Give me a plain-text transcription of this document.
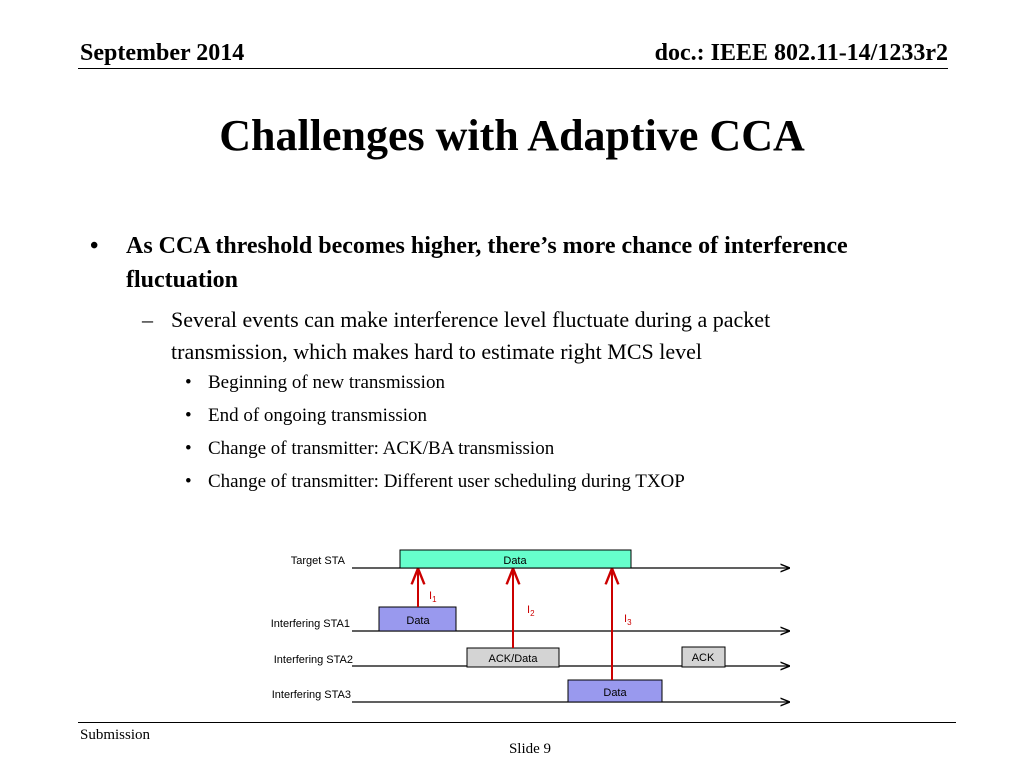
September 2014	doc.: IEEE 802.11-14/1233r2
Challenges with Adaptive CCA
• As CCA threshold becomes higher, there’s more chance of interference fluctuation
– Several events can make interference level fluctuate during a packet transmission, which makes hard to estimate right MCS level
• Beginning of new transmission
• End of ongoing transmission
• Change of transmitter: ACK/BA transmission
• Change of transmitter: Different user scheduling during TXOP
Target STA
Interfering STA1
Interfering STA2
Interfering STA3
Data
Data
ACK/Data	ACK
Data
$I_1$
$I_2$	$I_3$
Submission
Slide 9
